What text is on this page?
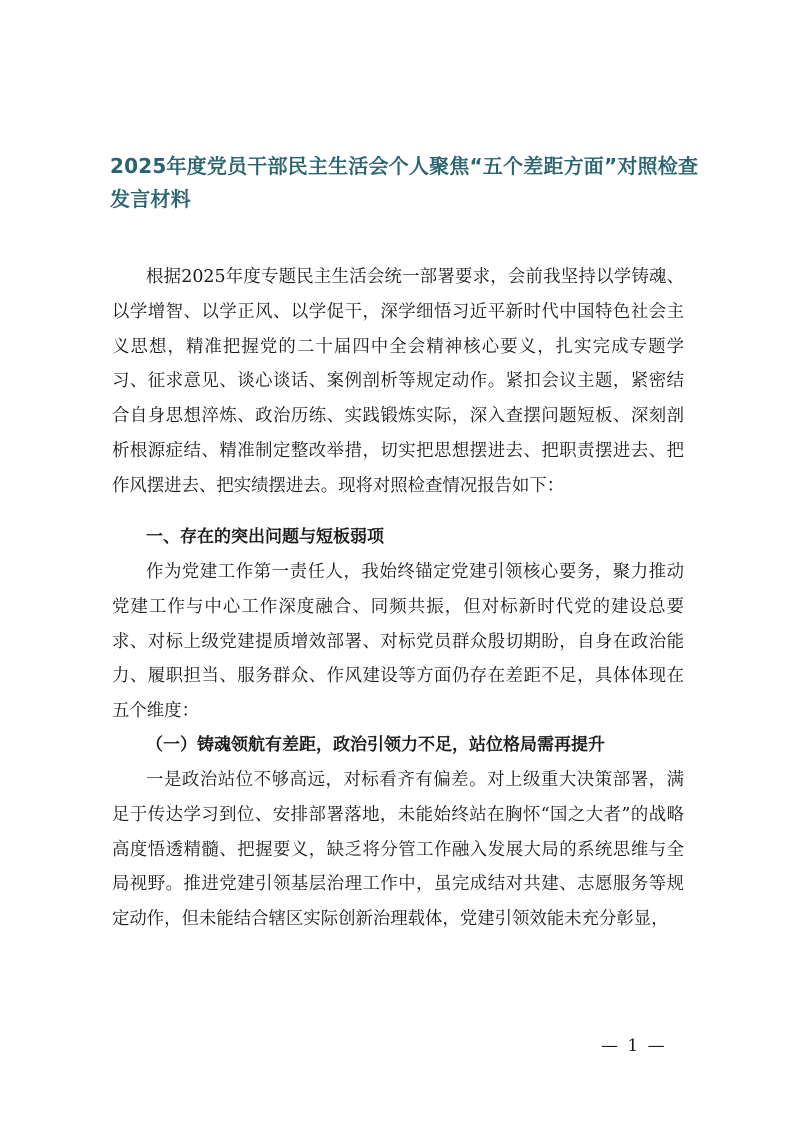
2025年度党员干部民主生活会个人聚焦“五个差距方面”对照检查发言材料
根据2025年度专题民主生活会统一部署要求，会前我坚持以学铸魂、以学增智、以学正风、以学促干，深学细悟习近平新时代中国特色社会主义思想，精准把握党的二十届四中全会精神核心要义，扎实完成专题学习、征求意见、谈心谈话、案例剖析等规定动作。紧扣会议主题，紧密结合自身思想淬炼、政治历练、实践锻炼实际，深入查摆问题短板、深刻剖析根源症结、精准制定整改举措，切实把思想摆进去、把职责摆进去、把作风摆进去、把实绩摆进去。现将对照检查情况报告如下：
一、存在的突出问题与短板弱项
作为党建工作第一责任人，我始终锚定党建引领核心要务，聚力推动党建工作与中心工作深度融合、同频共振，但对标新时代党的建设总要求、对标上级党建提质增效部署、对标党员群众殷切期盼，自身在政治能力、履职担当、服务群众、作风建设等方面仍存在差距不足，具体体现在五个维度：
（一）铸魂领航有差距，政治引领力不足，站位格局需再提升
一是政治站位不够高远，对标看齐有偏差。对上级重大决策部署，满足于传达学习到位、安排部署落地，未能始终站在胸怀“国之大者”的战略高度悟透精髓、把握要义，缺乏将分管工作融入发展大局的系统思维与全局视野。推进党建引领基层治理工作中，虽完成结对共建、志愿服务等规定动作，但未能结合辖区实际创新治理载体，党建引领效能未充分彰显，
— 1 —
